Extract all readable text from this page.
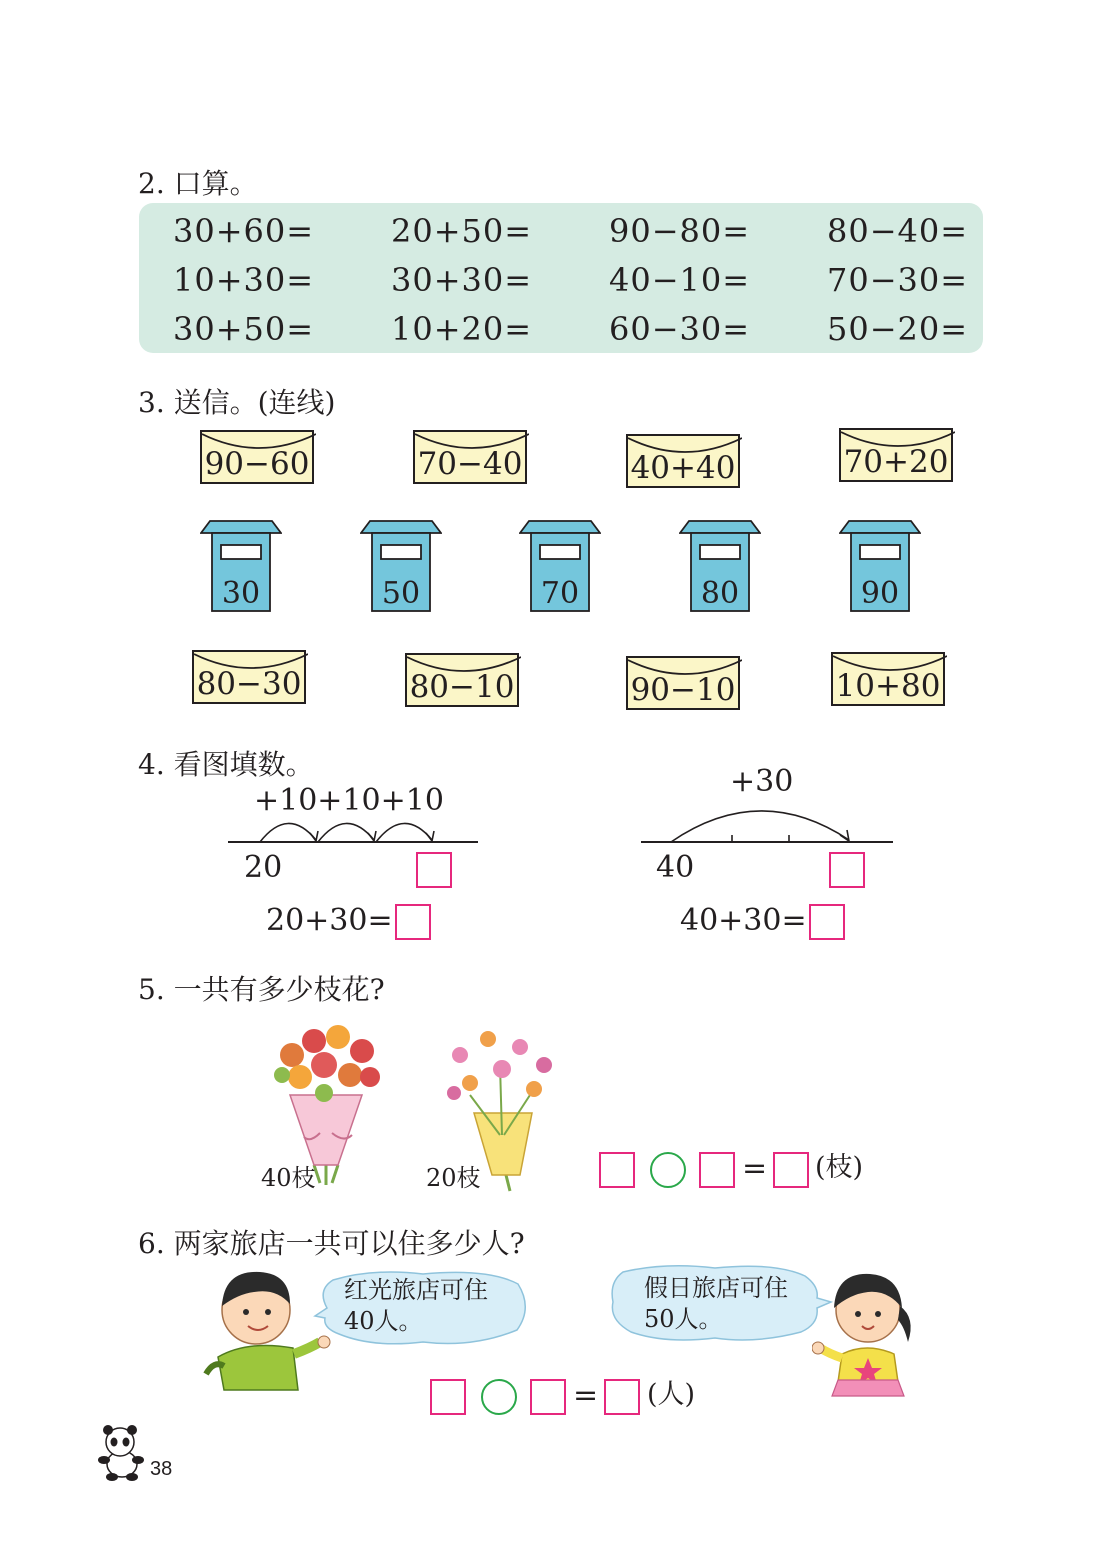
2. 口算。
30+60= 20+50= 90−80= 80−40=
10+30= 30+30= 40−10= 70−30=
30+50= 10+20= 60−30= 50−20=
3. 送信。(连线)
90−60	70−40	40+40	70+20
30	50	70	80	90
80−30	80−10	90−10	10+80
4. 看图填数。
+10+10+10
20
20+30=
+30
40
40+30=
5. 一共有多少枝花?
40枝	20枝	= (枝)
6. 两家旅店一共可以住多少人?
红光旅店可住
40人。
假日旅店可住
50人。
= (人)
38
